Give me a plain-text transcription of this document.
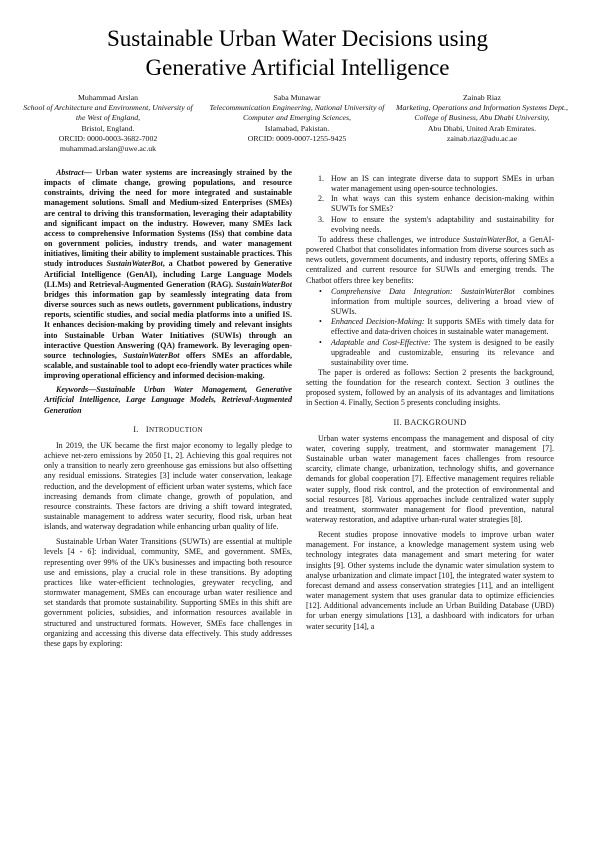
Sustainable Urban Water Decisions using
Generative Artificial Intelligence
Muhammad Arslan
School of Architecture and Environment, University of the West of England,
Bristol, England.
ORCID: 0000-0003-3682-7002
muhammad.arslan@uwe.ac.uk
Saba Munawar
Telecommunication Engineering, National University of Computer and Emerging Sciences,
Islamabad, Pakistan.
ORCID: 0009-0007-1255-9425
Zainab Riaz
Marketing, Operations and Information Systems Dept., College of Business, Abu Dhabi University,
Abu Dhabi, United Arab Emirates.
zainab.riaz@adu.ac.ae

Abstract— Urban water systems are increasingly strained by the impacts of climate change, growing populations, and resource constraints, driving the need for more integrated and sustainable management solutions. Small and Medium-sized Enterprises (SMEs) are central to driving this transformation, leveraging their adaptability and significant impact on the industry. However, many SMEs lack access to comprehensive Information Systems (ISs) that combine data on government policies, industry trends, and water management initiatives, limiting their ability to implement sustainable practices. This study introduces SustainWaterBot, a Chatbot powered by Generative Artificial Intelligence (GenAI), including Large Language Models (LLMs) and Retrieval-Augmented Generation (RAG). SustainWaterBot bridges this information gap by seamlessly integrating data from diverse sources such as news outlets, government publications, industry reports, scientific studies, and social media platforms into a unified IS. It enhances decision-making by providing timely and relevant insights into Sustainable Urban Water Initiatives (SUWIs) through an interactive Question Answering (QA) framework. By leveraging open-source technologies, SustainWaterBot offers SMEs an affordable, scalable, and sustainable tool to adopt eco-friendly water practices while improving operational efficiency and informed decision-making.

Keywords—Sustainable Urban Water Management, Generative Artificial Intelligence, Large Language Models, Retrieval-Augmented Generation

I. INTRODUCTION

In 2019, the UK became the first major economy to legally pledge to achieve net-zero emissions by 2050 [1, 2]. Achieving this goal requires not only a transition to nearly zero greenhouse gas emissions but also offsetting any residual emissions. Strategies [3] include water conservation, leakage reduction, and the development of efficient urban water systems, which face increasing demands from climate change, growth of population, and resource constraints. These factors are driving a shift toward integrated, sustainable management to address water security, flood risk, urban heat islands, and waterway degradation while enhancing urban quality of life.

Sustainable Urban Water Transitions (SUWTs) are essential at multiple levels [4 - 6]: individual, community, SME, and government. SMEs, representing over 99% of the UK's businesses and impacting both resource use and emissions, play a crucial role in these transitions. By adopting practices like water-efficient technologies, greywater recycling, and stormwater management, SMEs can encourage urban water resilience and set standards that promote sustainability. Supporting SMEs in this shift are government policies, subsidies, and information resources available in structured and unstructured formats. However, SMEs face challenges in organizing and accessing this diverse data effectively. This study addresses these gaps by exploring:

1. How an IS can integrate diverse data to support SMEs in urban water management using open-source technologies.
2. In what ways can this system enhance decision-making within SUWTs for SMEs?
3. How to ensure the system's adaptability and sustainability for evolving needs.

To address these challenges, we introduce SustainWaterBot, a GenAI-powered Chatbot that consolidates information from diverse sources such as news outlets, government documents, and industry reports, offering SMEs a centralized and current resource for SUWIs and emerging trends. The Chatbot offers three key benefits:

• Comprehensive Data Integration: SustainWaterBot combines information from multiple sources, delivering a broad view of SUWIs.
• Enhanced Decision-Making: It supports SMEs with timely data for effective and data-driven choices in sustainable water management.
• Adaptable and Cost-Effective: The system is designed to be easily upgradeable and customizable, ensuring its relevance and sustainability over time.

The paper is ordered as follows: Section 2 presents the background, setting the foundation for the research context. Section 3 outlines the proposed system, followed by an analysis of its advantages and limitations in Section 4. Finally, Section 5 presents concluding insights.

II. BACKGROUND

Urban water systems encompass the management and disposal of city water, covering supply, treatment, and stormwater management [7]. Sustainable urban water management faces challenges from resource scarcity, climate change, urbanization, technology shifts, and governance demands for global cooperation [7]. Effective management requires reliable water supply, flood risk control, and the protection of environmental and social resources [8]. Various approaches include centralized water supply and treatment, stormwater management for flood prevention, natural waterway restoration, and adaptive urban-rural water strategies [8].

Recent studies propose innovative models to improve urban water management. For instance, a knowledge management system using web technology integrates data management and smart metering for water insights [9]. Other systems include the dynamic water simulation system to analyse urbanization and climate impact [10], the integrated water system to forecast demand and assess conservation strategies [11], and an intelligent water management system that uses granular data to optimize efficiencies [12]. Additional advancements include an Urban Building Database (UBD) for urban energy simulations [13], a dashboard with indicators for urban water security [14], a
